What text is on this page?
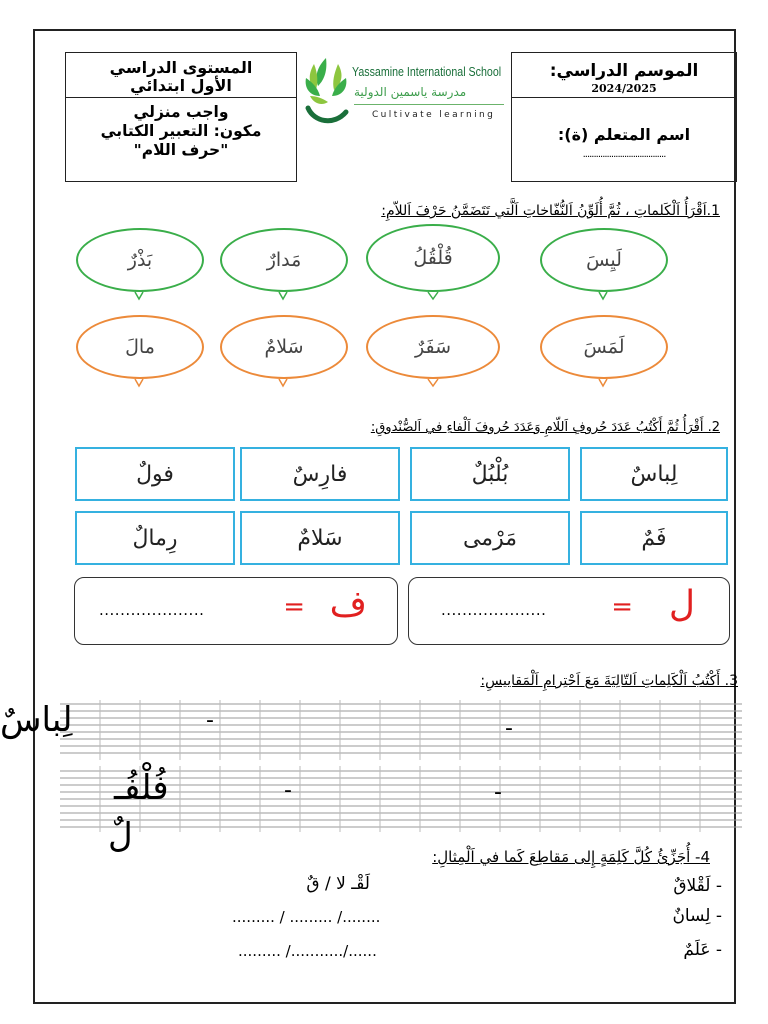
المستوى الدراسي
الأول ابتدائي
واجب منزلي
مكون: التعبير الكتابي
"حرف اللام"
Yassamine International School
مدرسة ياسمين الدولية
Cultivate learning
الموسم الدراسي:
2024/2025
اسم المتعلم (ة):
......................................
1.اَقْرَأُ اَلْكَلماتِ ، ثُمَّ أُلَوِّنُ اَلنُّفّاخاتِ اَلَّتي تَتَضَمَّنُ حَرْفَ اَللاّمِ:
لَيِسَ
قُلْقُلُ
مَدارٌ
بَذْرٌ
لَمَسَ
سَفَرٌ
سَلامٌ
مالَ
2. أَقْرَأُ ثُمَّ أَكْتُبُ عَدَدَ حُروفِ اَللّامِ وَعَدَدَ حُروفَ اَلْفاءِ في اَلصُّنْدوقِ:
لِباسٌ
بُلْبُلٌ
فارِسٌ
فولٌ
فَمٌ
مَرْمى
سَلامٌ
رِمالٌ
ل
=
....................
ف
=
....................
3. أَكْتُبُ اَلْكَلِماتِ اَلتّالِيَةَ مَعَ اَحْتِرامِ اَلْمَقاييسِ:
لِباسٌ	-	-
-	-
فُلْفُـ
لٌ
4- أُجَزِّئُ كُلَّ كَلِمَةٍ إِلى مَقاطِعَ كَما في اَلْمِثالِ:
- لَقْلاقٌ
لَقْـ لا / قٌ
- لِسانٌ
......... / ......... /........
- عَلَمٌ
......... /.........../......
